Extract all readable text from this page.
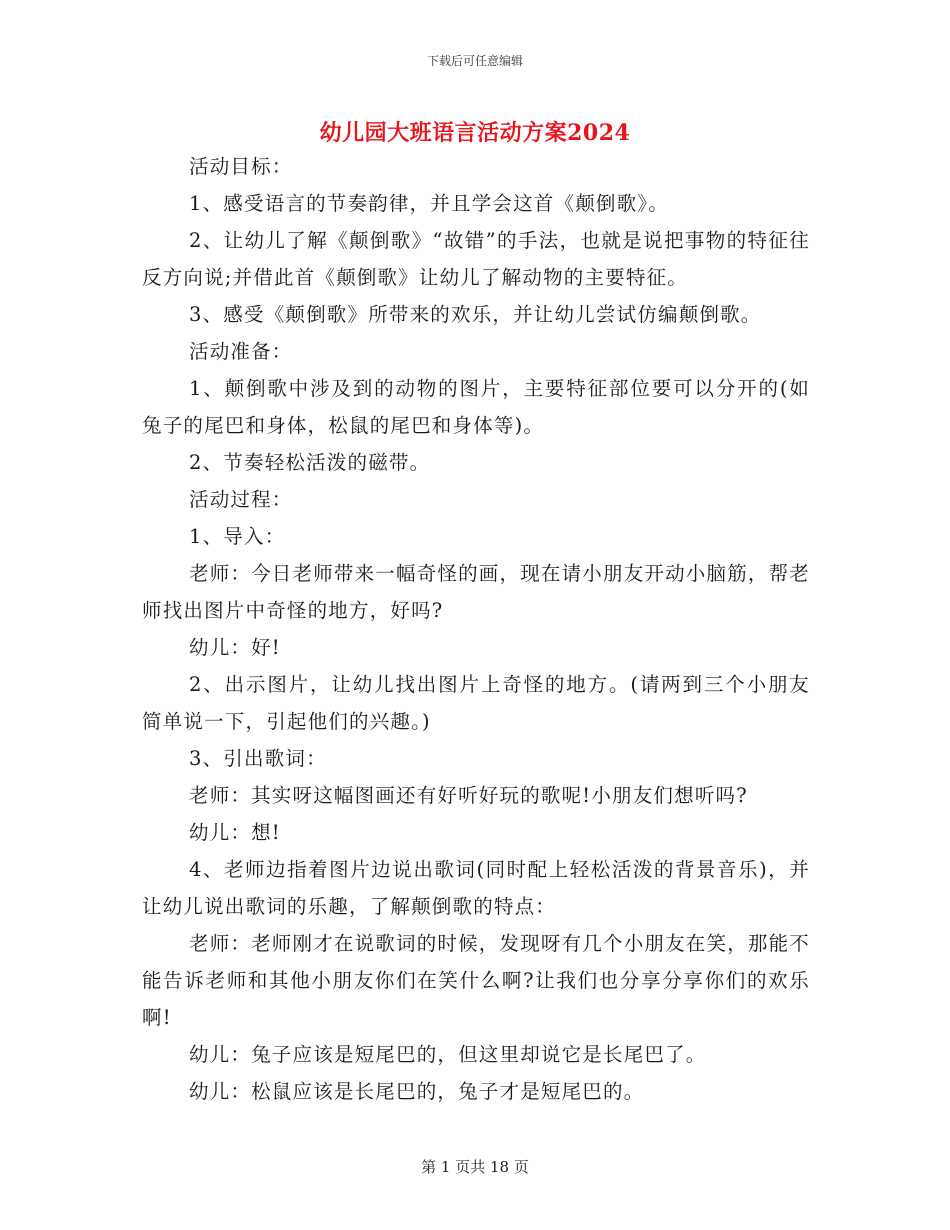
下载后可任意编辑
幼儿园大班语言活动方案2024

活动目标：

1、感受语言的节奏韵律，并且学会这首《颠倒歌》。

2、让幼儿了解《颠倒歌》“故错”的手法，也就是说把事物的特征往反方向说;并借此首《颠倒歌》让幼儿了解动物的主要特征。

3、感受《颠倒歌》所带来的欢乐，并让幼儿尝试仿编颠倒歌。

活动准备：

1、颠倒歌中涉及到的动物的图片，主要特征部位要可以分开的(如兔子的尾巴和身体，松鼠的尾巴和身体等)。

2、节奏轻松活泼的磁带。

活动过程：

1、导入：

老师：今日老师带来一幅奇怪的画，现在请小朋友开动小脑筋，帮老师找出图片中奇怪的地方，好吗?

幼儿：好!

2、出示图片，让幼儿找出图片上奇怪的地方。(请两到三个小朋友简单说一下，引起他们的兴趣。)

3、引出歌词：

老师：其实呀这幅图画还有好听好玩的歌呢!小朋友们想听吗?

幼儿：想!

4、老师边指着图片边说出歌词(同时配上轻松活泼的背景音乐)，并让幼儿说出歌词的乐趣，了解颠倒歌的特点：

老师：老师刚才在说歌词的时候，发现呀有几个小朋友在笑，那能不能告诉老师和其他小朋友你们在笑什么啊?让我们也分享分享你们的欢乐啊!

幼儿：兔子应该是短尾巴的，但这里却说它是长尾巴了。

幼儿：松鼠应该是长尾巴的，兔子才是短尾巴的。

第 1 页共 18 页
